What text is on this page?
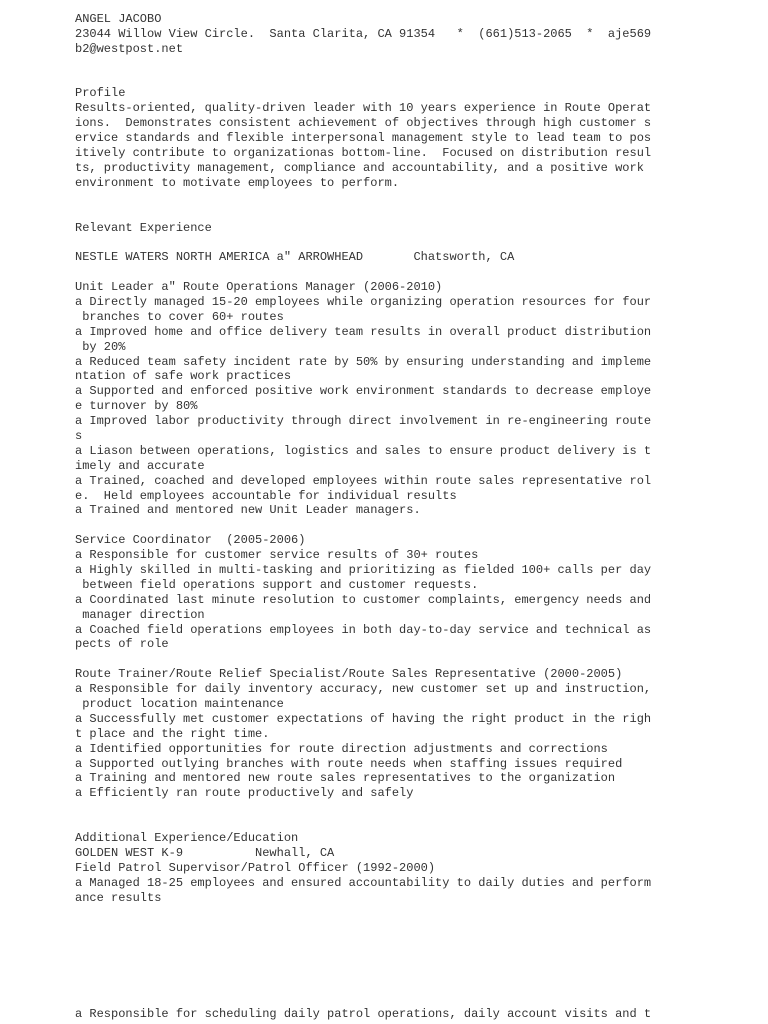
ANGEL JACOBO
23044 Willow View Circle.  Santa Clarita, CA 91354   *  (661)513-2065  *  aje569
b2@westpost.net
Profile
Results-oriented, quality-driven leader with 10 years experience in Route Operat
ions.  Demonstrates consistent achievement of objectives through high customer s
ervice standards and flexible interpersonal management style to lead team to pos
itively contribute to organizationas bottom-line.  Focused on distribution resul
ts, productivity management, compliance and accountability, and a positive work
environment to motivate employees to perform.
Relevant Experience
NESTLE WATERS NORTH AMERICA a" ARROWHEAD       Chatsworth, CA
Unit Leader a" Route Operations Manager (2006-2010)
a Directly managed 15-20 employees while organizing operation resources for four
branches to cover 60+ routes
a Improved home and office delivery team results in overall product distribution
by 20%
a Reduced team safety incident rate by 50% by ensuring understanding and impleme
ntation of safe work practices
a Supported and enforced positive work environment standards to decrease employe
e turnover by 80%
a Improved labor productivity through direct involvement in re-engineering route
s
a Liason between operations, logistics and sales to ensure product delivery is t
imely and accurate
a Trained, coached and developed employees within route sales representative rol
e.  Held employees accountable for individual results
a Trained and mentored new Unit Leader managers.
Service Coordinator  (2005-2006)
a Responsible for customer service results of 30+ routes
a Highly skilled in multi-tasking and prioritizing as fielded 100+ calls per day
between field operations support and customer requests.
a Coordinated last minute resolution to customer complaints, emergency needs and
manager direction
a Coached field operations employees in both day-to-day service and technical as
pects of role
Route Trainer/Route Relief Specialist/Route Sales Representative (2000-2005)
a Responsible for daily inventory accuracy, new customer set up and instruction,
product location maintenance
a Successfully met customer expectations of having the right product in the righ
t place and the right time.
a Identified opportunities for route direction adjustments and corrections
a Supported outlying branches with route needs when staffing issues required
a Training and mentored new route sales representatives to the organization
a Efficiently ran route productively and safely
Additional Experience/Education
GOLDEN WEST K-9          Newhall, CA
Field Patrol Supervisor/Patrol Officer (1992-2000)
a Managed 18-25 employees and ensured accountability to daily duties and perform
ance results
a Responsible for scheduling daily patrol operations, daily account visits and t
